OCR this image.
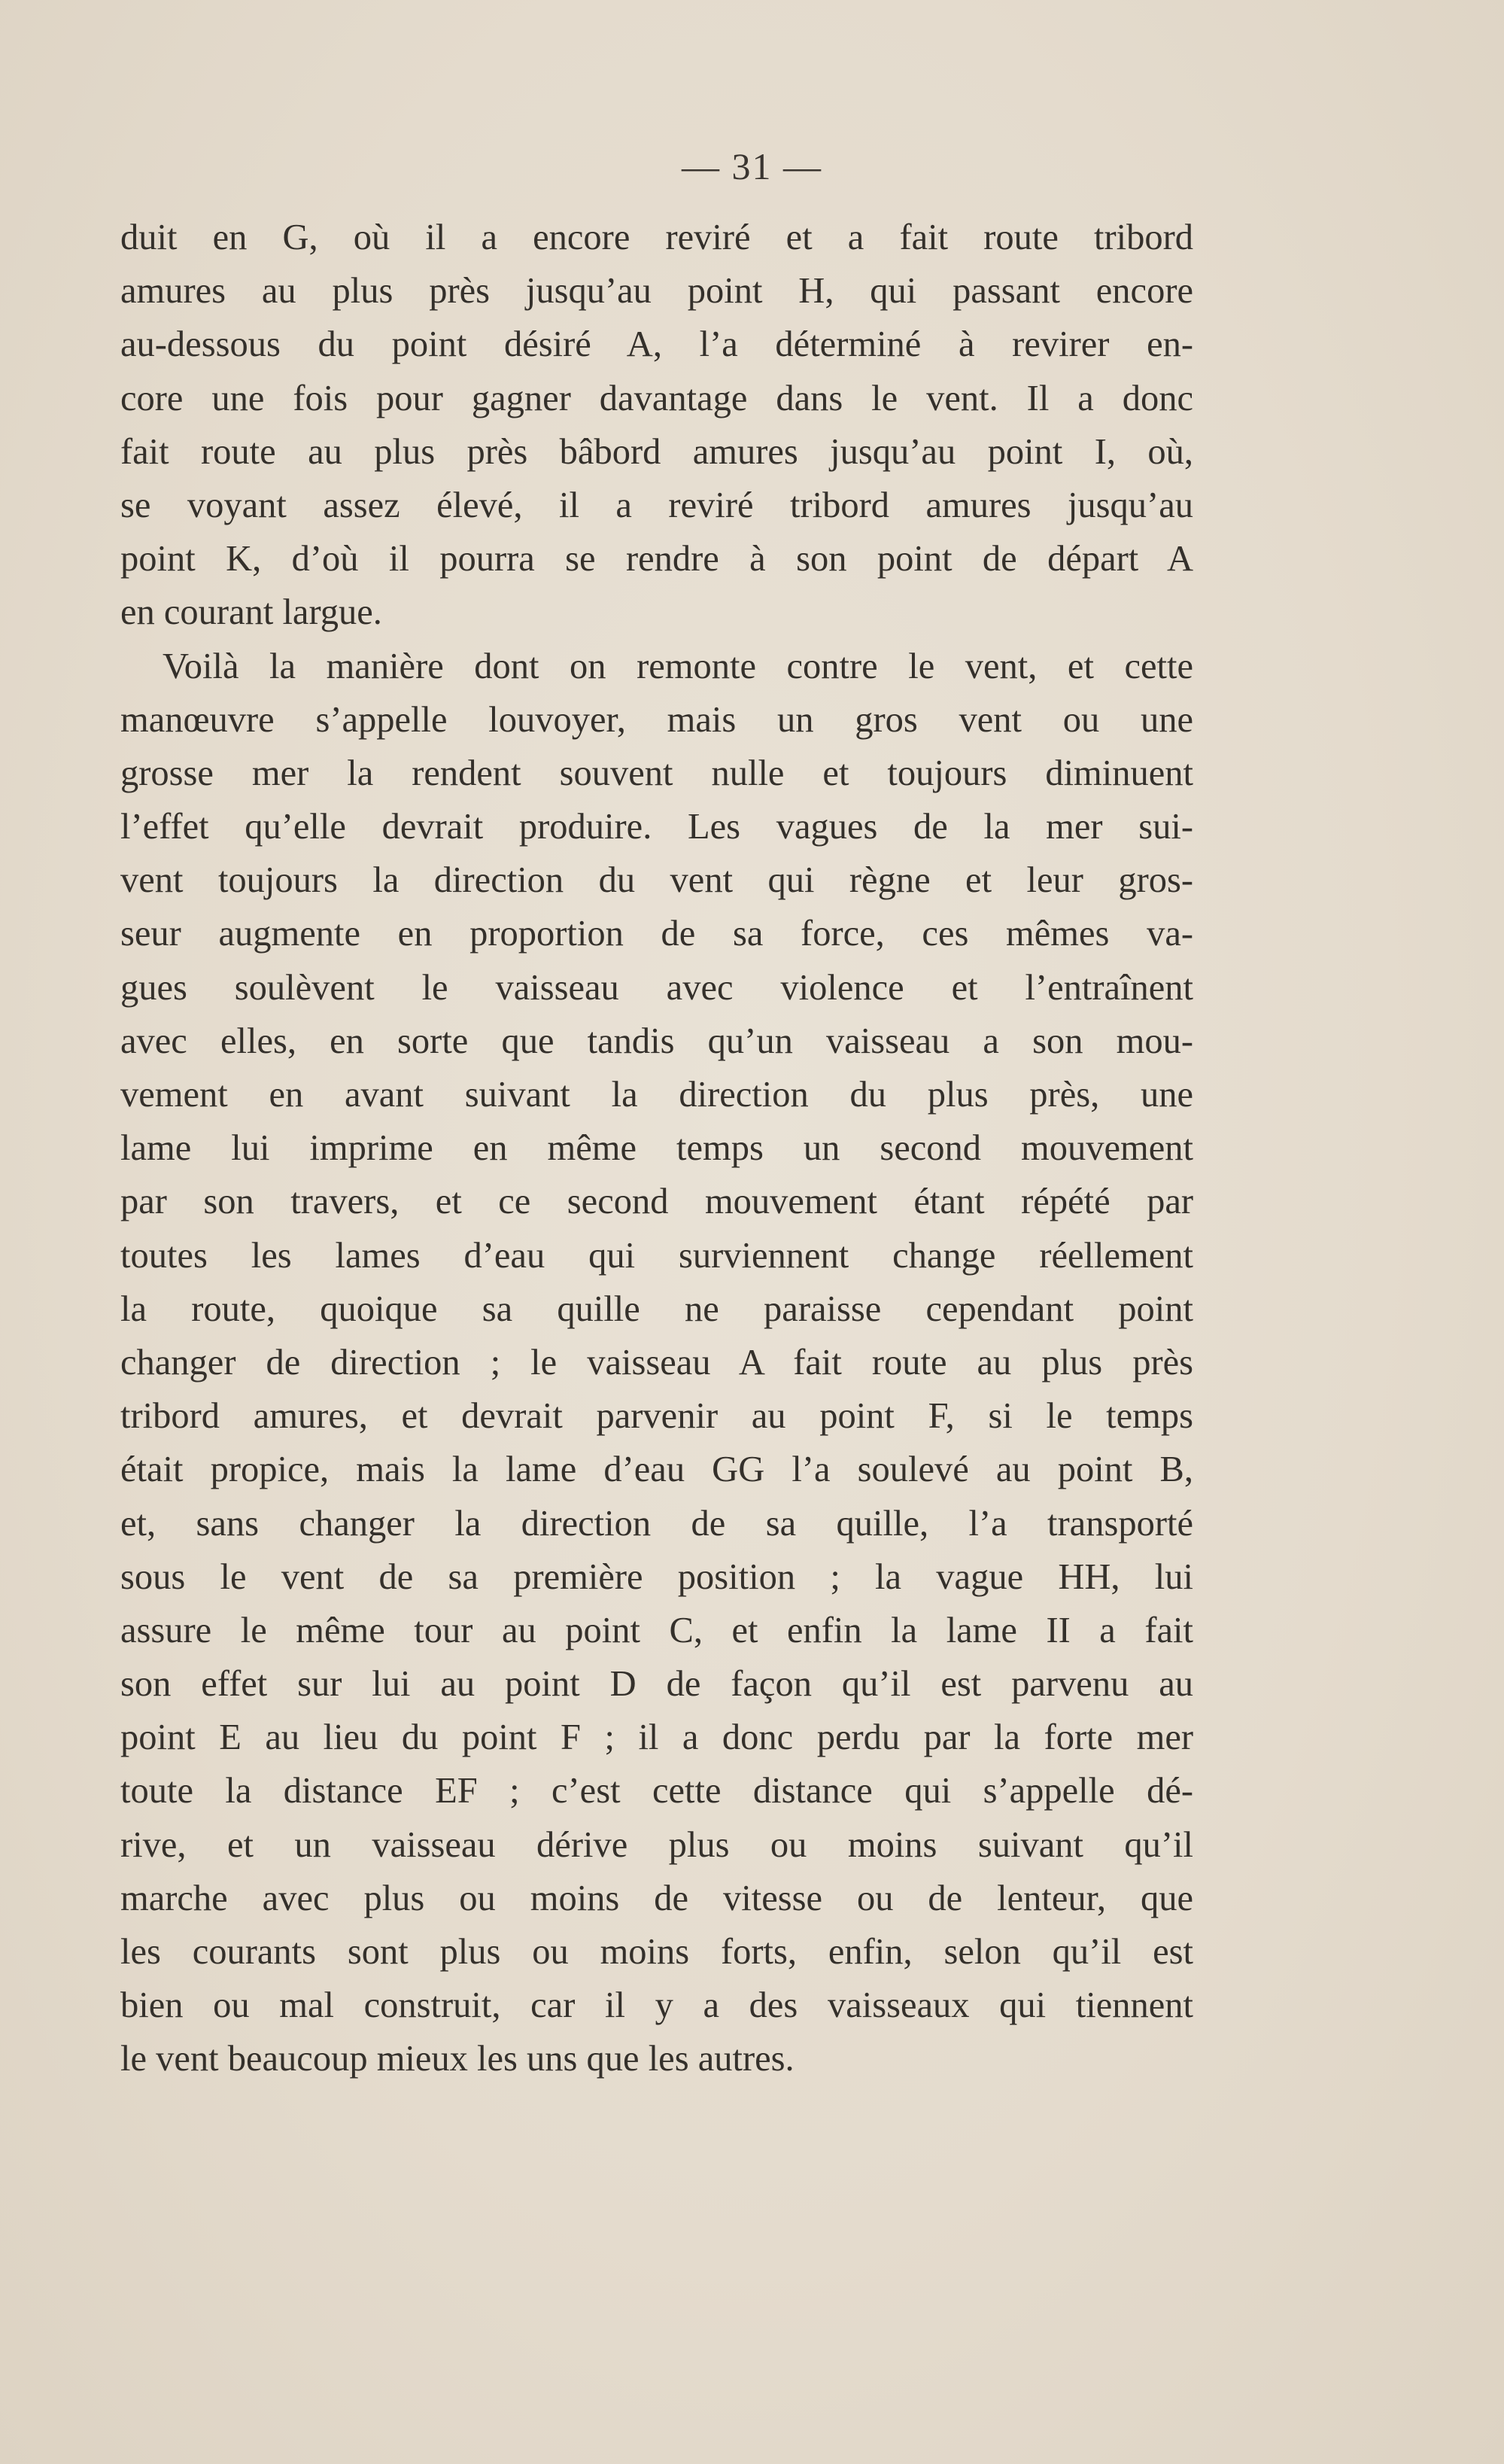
— 31 —
duit en G, où il a encore reviré et a fait route tribord
amures au plus près jusqu’au point H, qui passant encore
au-dessous du point désiré A, l’a déterminé à revirer en-
core une fois pour gagner davantage dans le vent. Il a donc
fait route au plus près bâbord amures jusqu’au point I, où,
se voyant assez élevé, il a reviré tribord amures jusqu’au
point K, d’où il pourra se rendre à son point de départ A
en courant largue.
Voilà la manière dont on remonte contre le vent, et cette
manœuvre s’appelle louvoyer, mais un gros vent ou une
grosse mer la rendent souvent nulle et toujours diminuent
l’effet qu’elle devrait produire. Les vagues de la mer sui-
vent toujours la direction du vent qui règne et leur gros-
seur augmente en proportion de sa force, ces mêmes va-
gues soulèvent le vaisseau avec violence et l’entraînent
avec elles, en sorte que tandis qu’un vaisseau a son mou-
vement en avant suivant la direction du plus près, une
lame lui imprime en même temps un second mouvement
par son travers, et ce second mouvement étant répété par
toutes les lames d’eau qui surviennent change réellement
la route, quoique sa quille ne paraisse cependant point
changer de direction ; le vaisseau A fait route au plus près
tribord amures, et devrait parvenir au point F, si le temps
était propice, mais la lame d’eau GG l’a soulevé au point B,
et, sans changer la direction de sa quille, l’a transporté
sous le vent de sa première position ; la vague HH, lui
assure le même tour au point C, et enfin la lame II a fait
son effet sur lui au point D de façon qu’il est parvenu au
point E au lieu du point F ; il a donc perdu par la forte mer
toute la distance EF ; c’est cette distance qui s’appelle dé-
rive, et un vaisseau dérive plus ou moins suivant qu’il
marche avec plus ou moins de vitesse ou de lenteur, que
les courants sont plus ou moins forts, enfin, selon qu’il est
bien ou mal construit, car il y a des vaisseaux qui tiennent
le vent beaucoup mieux les uns que les autres.
